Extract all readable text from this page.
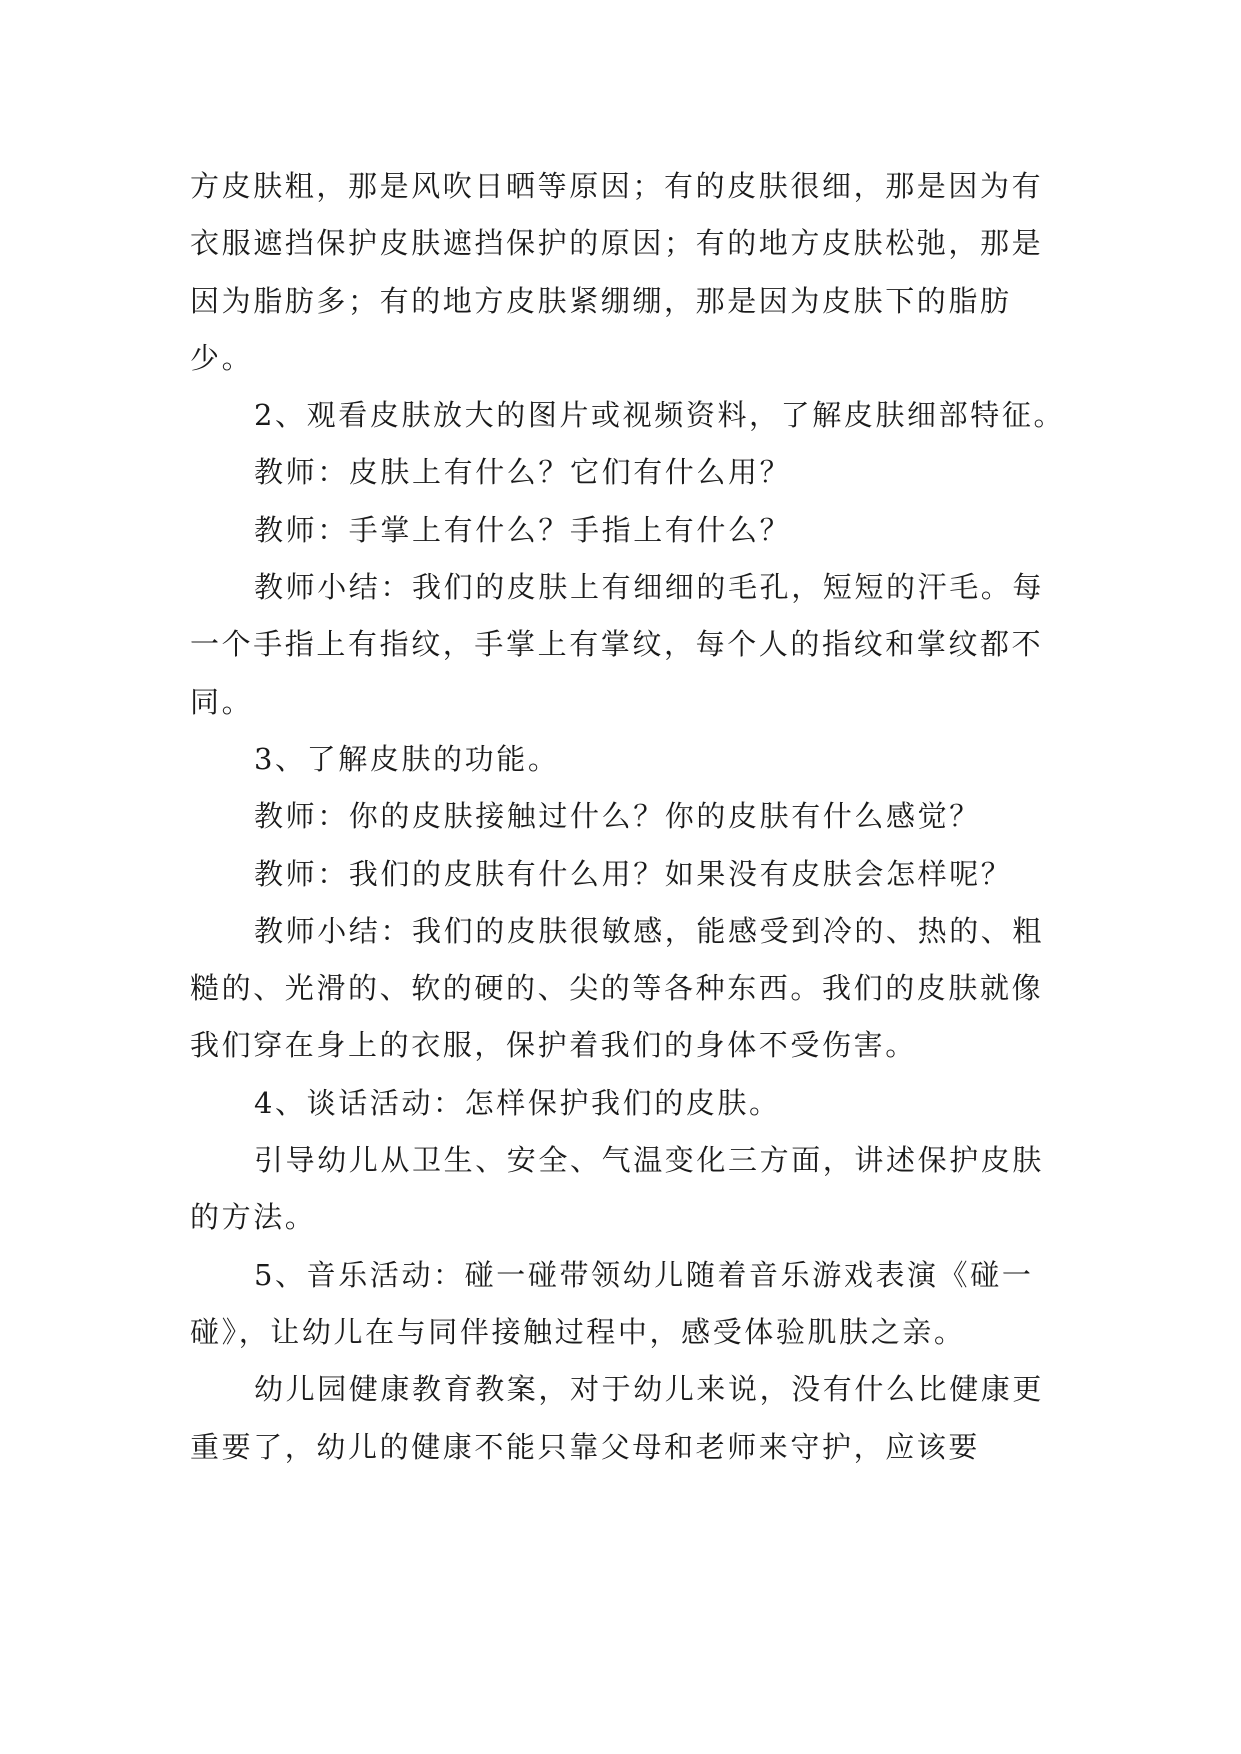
方皮肤粗，那是风吹日晒等原因；有的皮肤很细，那是因为有衣服遮挡保护皮肤遮挡保护的原因；有的地方皮肤松弛，那是因为脂肪多；有的地方皮肤紧绷绷，那是因为皮肤下的脂肪少。

2、观看皮肤放大的图片或视频资料，了解皮肤细部特征。

教师：皮肤上有什么？它们有什么用？

教师：手掌上有什么？手指上有什么？

教师小结：我们的皮肤上有细细的毛孔，短短的汗毛。每一个手指上有指纹，手掌上有掌纹，每个人的指纹和掌纹都不同。

3、了解皮肤的功能。

教师：你的皮肤接触过什么？你的皮肤有什么感觉？

教师：我们的皮肤有什么用？如果没有皮肤会怎样呢？

教师小结：我们的皮肤很敏感，能感受到冷的、热的、粗糙的、光滑的、软的硬的、尖的等各种东西。我们的皮肤就像我们穿在身上的衣服，保护着我们的身体不受伤害。

4、谈话活动：怎样保护我们的皮肤。

引导幼儿从卫生、安全、气温变化三方面，讲述保护皮肤的方法。

5、音乐活动：碰一碰带领幼儿随着音乐游戏表演《碰一碰》，让幼儿在与同伴接触过程中，感受体验肌肤之亲。

幼儿园健康教育教案，对于幼儿来说，没有什么比健康更重要了，幼儿的健康不能只靠父母和老师来守护，应该要
